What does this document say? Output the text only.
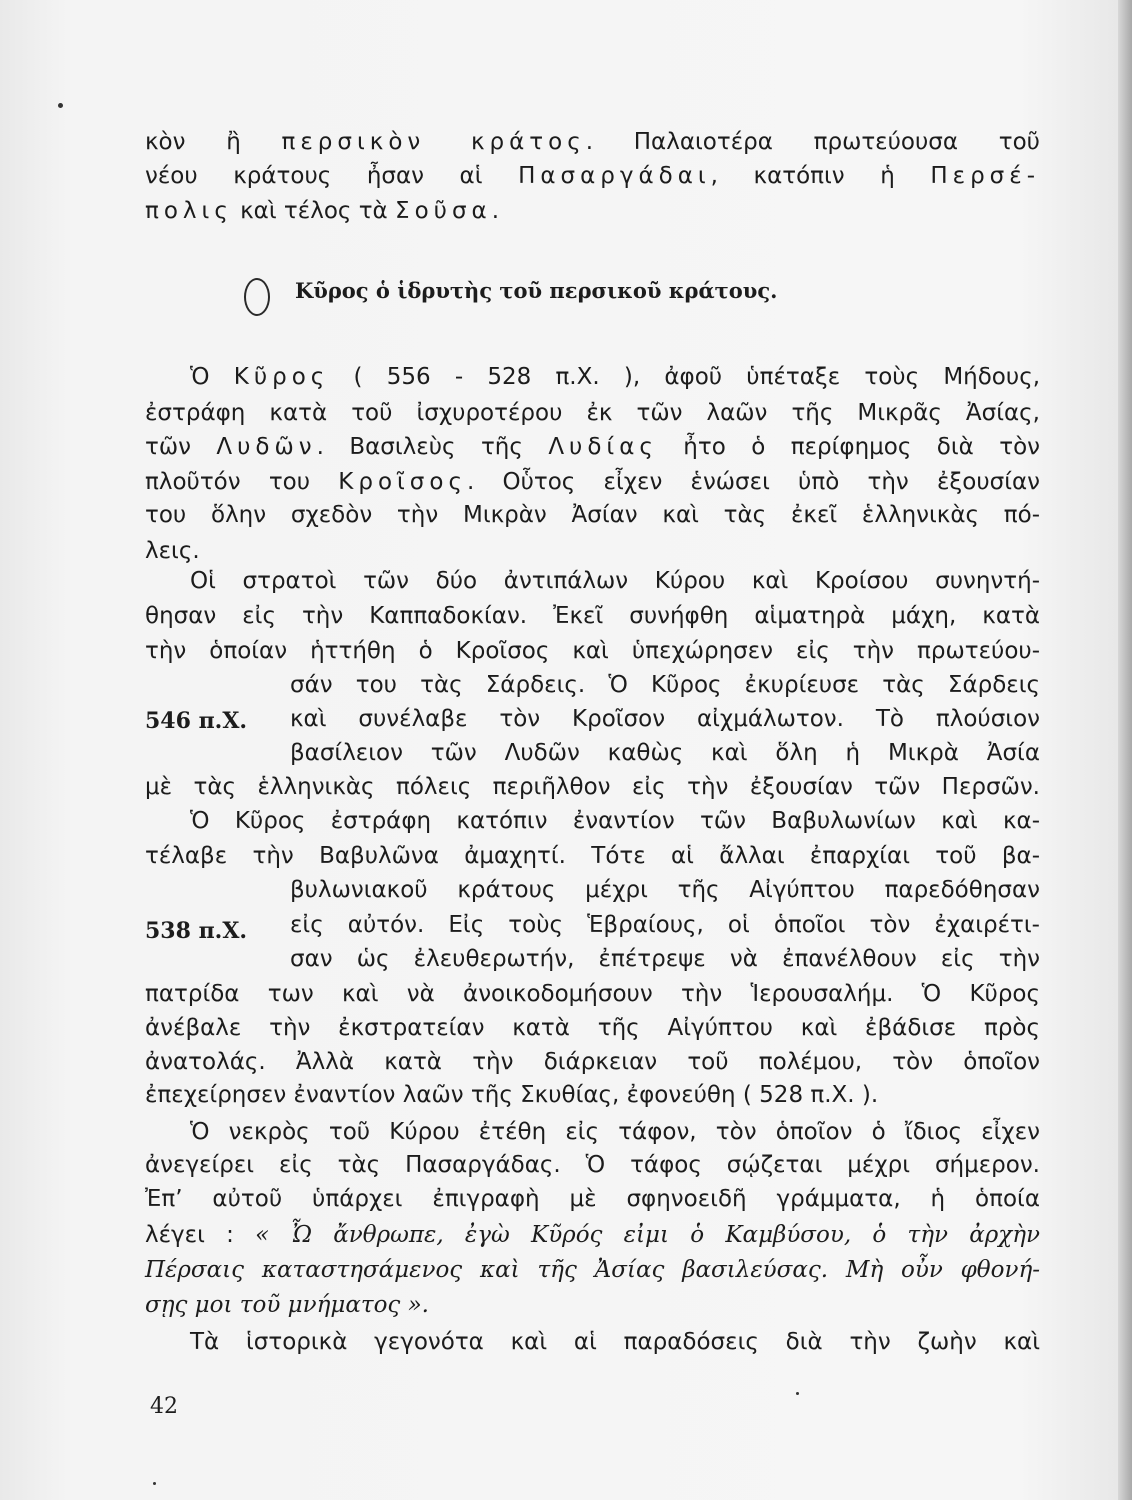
κὸν ἢ περσικὸν κράτος. Παλαιοτέρα πρωτεύουσα τοῦ
νέου κράτους ἦσαν αἱ Πασαργάδαι, κατόπιν ἡ Περσέ-
πολις καὶ τέλος τὰ Σοῦσα.
Κῦρος ὁ ἱδρυτὴς τοῦ περσικοῦ κράτους.
Ὁ Κῦρος ( 556 - 528 π.Χ. ), ἀφοῦ ὑπέταξε τοὺς Μήδους,
ἐστράφη κατὰ τοῦ ἰσχυροτέρου ἐκ τῶν λαῶν τῆς Μικρᾶς Ἀσίας,
τῶν Λυδῶν. Βασιλεὺς τῆς Λυδίας ἦτο ὁ περίφημος διὰ τὸν
πλοῦτόν του Κροῖσος. Οὗτος εἶχεν ἑνώσει ὑπὸ τὴν ἐξουσίαν
του ὅλην σχεδὸν τὴν Μικρὰν Ἀσίαν καὶ τὰς ἐκεῖ ἑλληνικὰς πό-
λεις.
Οἱ στρατοὶ τῶν δύο ἀντιπάλων Κύρου καὶ Κροίσου συνηντή-
θησαν εἰς τὴν Καππαδοκίαν. Ἐκεῖ συνήφθη αἱματηρὰ μάχη, κατὰ
τὴν ὁποίαν ἡττήθη ὁ Κροῖσος καὶ ὑπεχώρησεν εἰς τὴν πρωτεύου-
σάν του τὰς Σάρδεις. Ὁ Κῦρος ἐκυρίευσε τὰς Σάρδεις
546 π.Χ.	καὶ συνέλαβε τὸν Κροῖσον αἰχμάλωτον. Τὸ πλούσιον
βασίλειον τῶν Λυδῶν καθὼς καὶ ὅλη ἡ Μικρὰ Ἀσία
μὲ τὰς ἑλληνικὰς πόλεις περιῆλθον εἰς τὴν ἐξουσίαν τῶν Περσῶν.
Ὁ Κῦρος ἐστράφη κατόπιν ἐναντίον τῶν Βαβυλωνίων καὶ κα-
τέλαβε τὴν Βαβυλῶνα ἀμαχητί. Τότε αἱ ἄλλαι ἐπαρχίαι τοῦ βα-
βυλωνιακοῦ κράτους μέχρι τῆς Αἰγύπτου παρεδόθησαν
538 π.Χ.	εἰς αὐτόν. Εἰς τοὺς Ἑβραίους, οἱ ὁποῖοι τὸν ἐχαιρέτι-
σαν ὡς ἐλευθερωτήν, ἐπέτρεψε νὰ ἐπανέλθουν εἰς τὴν
πατρίδα των καὶ νὰ ἀνοικοδομήσουν τὴν Ἱερουσαλήμ. Ὁ Κῦρος
ἀνέβαλε τὴν ἐκστρατείαν κατὰ τῆς Αἰγύπτου καὶ ἐβάδισε πρὸς
ἀνατολάς. Ἀλλὰ κατὰ τὴν διάρκειαν τοῦ πολέμου, τὸν ὁποῖον
ἐπεχείρησεν ἐναντίον λαῶν τῆς Σκυθίας, ἐφονεύθη ( 528 π.Χ. ).
Ὁ νεκρὸς τοῦ Κύρου ἐτέθη εἰς τάφον, τὸν ὁποῖον ὁ ἴδιος εἶχεν
ἀνεγείρει εἰς τὰς Πασαργάδας. Ὁ τάφος σῴζεται μέχρι σήμερον.
Ἐπ’ αὐτοῦ ὑπάρχει ἐπιγραφὴ μὲ σφηνοειδῆ γράμματα, ἡ ὁποία
λέγει : « Ὦ ἄνθρωπε, ἐγὼ Κῦρός εἰμι ὁ Καμβύσου, ὁ τὴν ἀρχὴν
Πέρσαις καταστησάμενος καὶ τῆς Ἀσίας βασιλεύσας. Μὴ οὖν φθονή-
σῃς μοι τοῦ μνήματος ».
Τὰ ἱστορικὰ γεγονότα καὶ αἱ παραδόσεις διὰ τὴν ζωὴν καὶ
42
